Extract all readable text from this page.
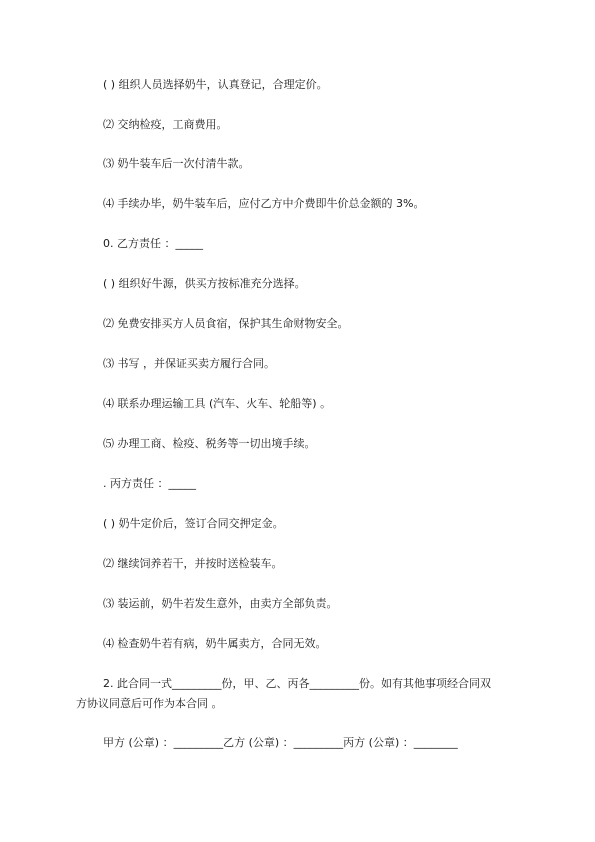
( ) 组织人员选择奶牛，认真登记，合理定价。
⑵ 交纳检疫，工商费用。
⑶ 奶牛装车后一次付清牛款。
⑷ 手续办毕，奶牛装车后，应付乙方中介费即牛价总金额的 3%。
0. 乙方责任 ：_____
( ) 组织好牛源，供买方按标准充分选择。
⑵ 免费安排买方人员食宿，保护其生命财物安全。
⑶ 书写 ，并保证买卖方履行合同。
⑷ 联系办理运输工具 (汽车、火车、轮船等) 。
⑸ 办理工商、检疫、税务等一切出境手续。
. 丙方责任 ：_____
( ) 奶牛定价后，签订合同交押定金。
⑵ 继续饲养若干，并按时送检装车。
⑶ 装运前，奶牛若发生意外，由卖方全部负责。
⑷ 检查奶牛若有病，奶牛属卖方，合同无效。
2. 此合同一式_________份，甲、乙、丙各_________份。如有其他事项经合同双
方协议同意后可作为本合同 。
甲方 (公章) ：_________乙方 (公章) ：_________丙方 (公章) ：________
